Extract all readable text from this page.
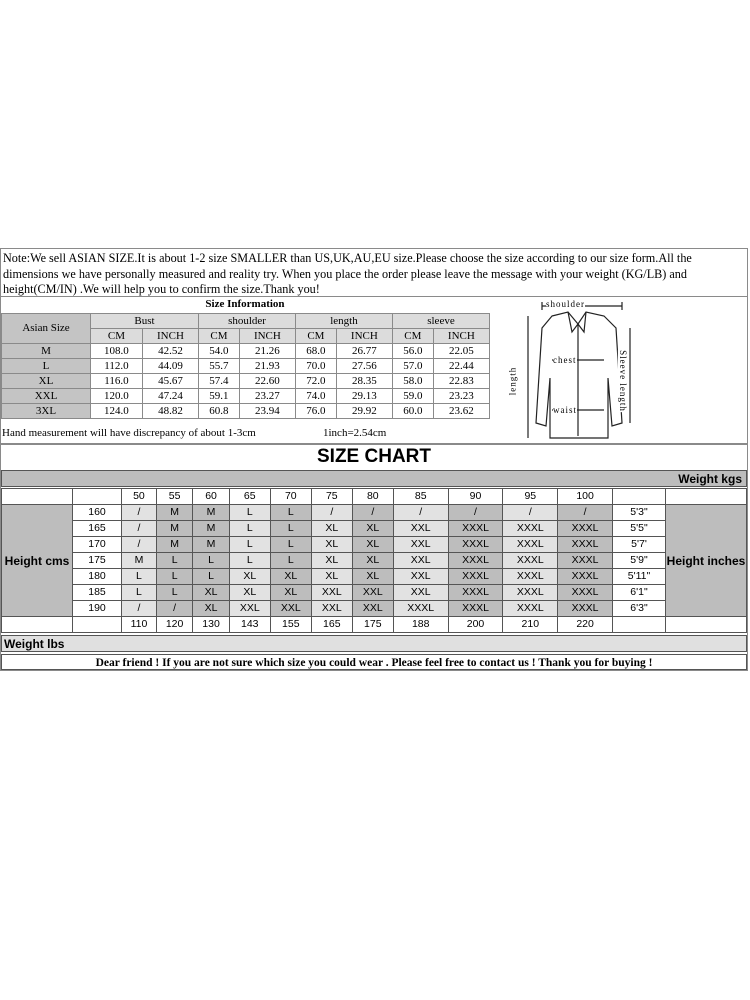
Note:We sell ASIAN SIZE.It is about 1-2 size SMALLER than US,UK,AU,EU size.Please choose the size according to our size form.All the dimensions we have personally measured and reality try. When you place the order please leave the message with your weight (KG/LB) and height(CM/IN) .We will help you to confirm the size.Thank you!
Size Information
Asian Size	Bust		shoulder		length		sleeve	
	CM	INCH	CM	INCH	CM	INCH	CM	INCH
M	108.0	42.52	54.0	21.26	68.0	26.77	56.0	22.05
L	112.0	44.09	55.7	21.93	70.0	27.56	57.0	22.44
XL	116.0	45.67	57.4	22.60	72.0	28.35	58.0	22.83
XXL	120.0	47.24	59.1	23.27	74.0	29.13	59.0	23.23
3XL	124.0	48.82	60.8	23.94	76.0	29.92	60.0	23.62
Hand measurement will have discrepancy of about 1-3cm	1inch=2.54cm
shoulder
chest
waist
length	Sleeve length
SIZE CHART
Weight kgs
		50	55	60	65	70	75	80	85	90	95	100		
Height cms	160	/	M	M	L	L	/	/	/	/	/	/	5'3"	Height inches
	165	/	M	M	L	L	XL	XL	XXL	XXXL	XXXL	XXXL	5'5"	
	170	/	M	M	L	L	XL	XL	XXL	XXXL	XXXL	XXXL	5'7'	
	175	M	L	L	L	L	XL	XL	XXL	XXXL	XXXL	XXXL	5'9"	
	180	L	L	L	XL	XL	XL	XL	XXL	XXXL	XXXL	XXXL	5'11"	
	185	L	L	XL	XL	XL	XXL	XXL	XXL	XXXL	XXXL	XXXL	6'1"	
	190	/	/	XL	XXL	XXL	XXL	XXL	XXXL	XXXL	XXXL	XXXL	6'3"	
		110	120	130	143	155	165	175	188	200	210	220		
Weight lbs
Dear friend ! If you are not sure which size you could wear . Please feel free to contact us ! Thank you for buying !
